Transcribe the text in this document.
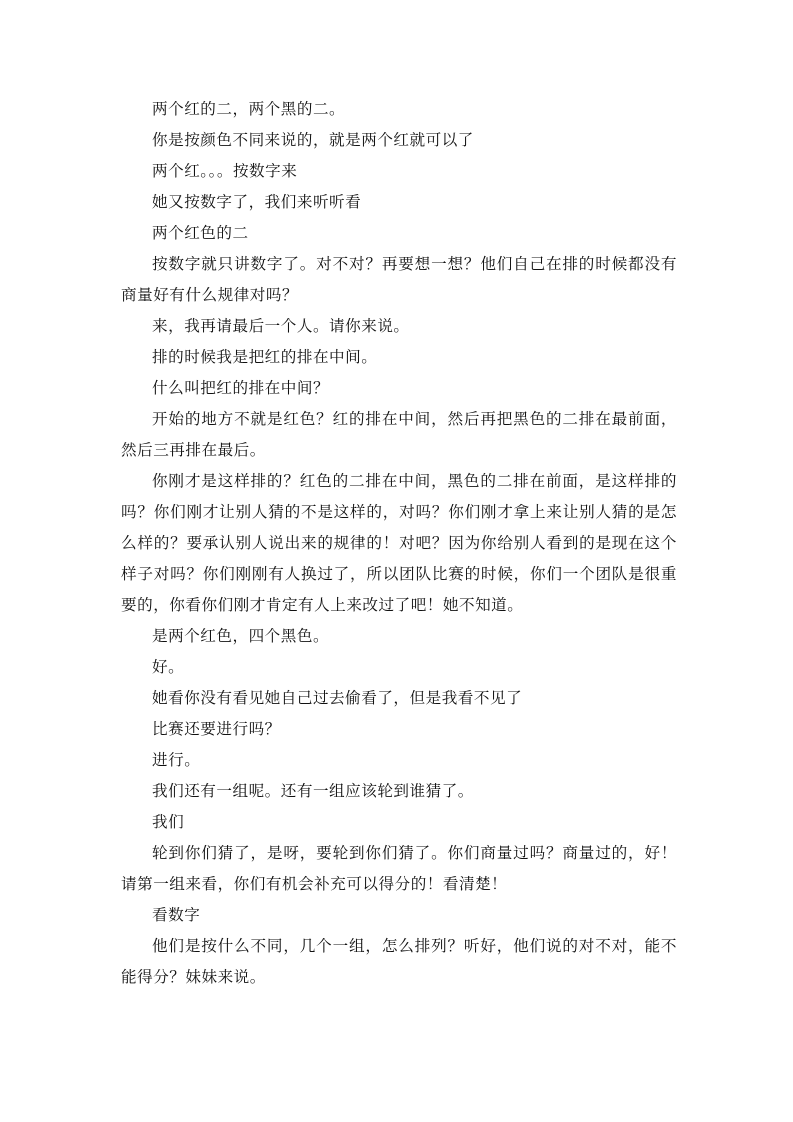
两个红的二，两个黑的二。

你是按颜色不同来说的，就是两个红就可以了

两个红。。。按数字来

她又按数字了，我们来听听看

两个红色的二

按数字就只讲数字了。对不对？再要想一想？他们自己在排的时候都没有商量好有什么规律对吗？

来，我再请最后一个人。请你来说。

排的时候我是把红的排在中间。

什么叫把红的排在中间？

开始的地方不就是红色？红的排在中间，然后再把黑色的二排在最前面，然后三再排在最后。

你刚才是这样排的？红色的二排在中间，黑色的二排在前面，是这样排的吗？你们刚才让别人猜的不是这样的，对吗？你们刚才拿上来让别人猜的是怎么样的？要承认别人说出来的规律的！对吧？因为你给别人看到的是现在这个样子对吗？你们刚刚有人换过了，所以团队比赛的时候，你们一个团队是很重要的，你看你们刚才肯定有人上来改过了吧！她不知道。

是两个红色，四个黑色。

好。

她看你没有看见她自己过去偷看了，但是我看不见了

比赛还要进行吗？

进行。

我们还有一组呢。还有一组应该轮到谁猜了。

我们

轮到你们猜了，是呀，要轮到你们猜了。你们商量过吗？商量过的，好！请第一组来看，你们有机会补充可以得分的！看清楚！

看数字

他们是按什么不同，几个一组，怎么排列？听好，他们说的对不对，能不能得分？妹妹来说。
